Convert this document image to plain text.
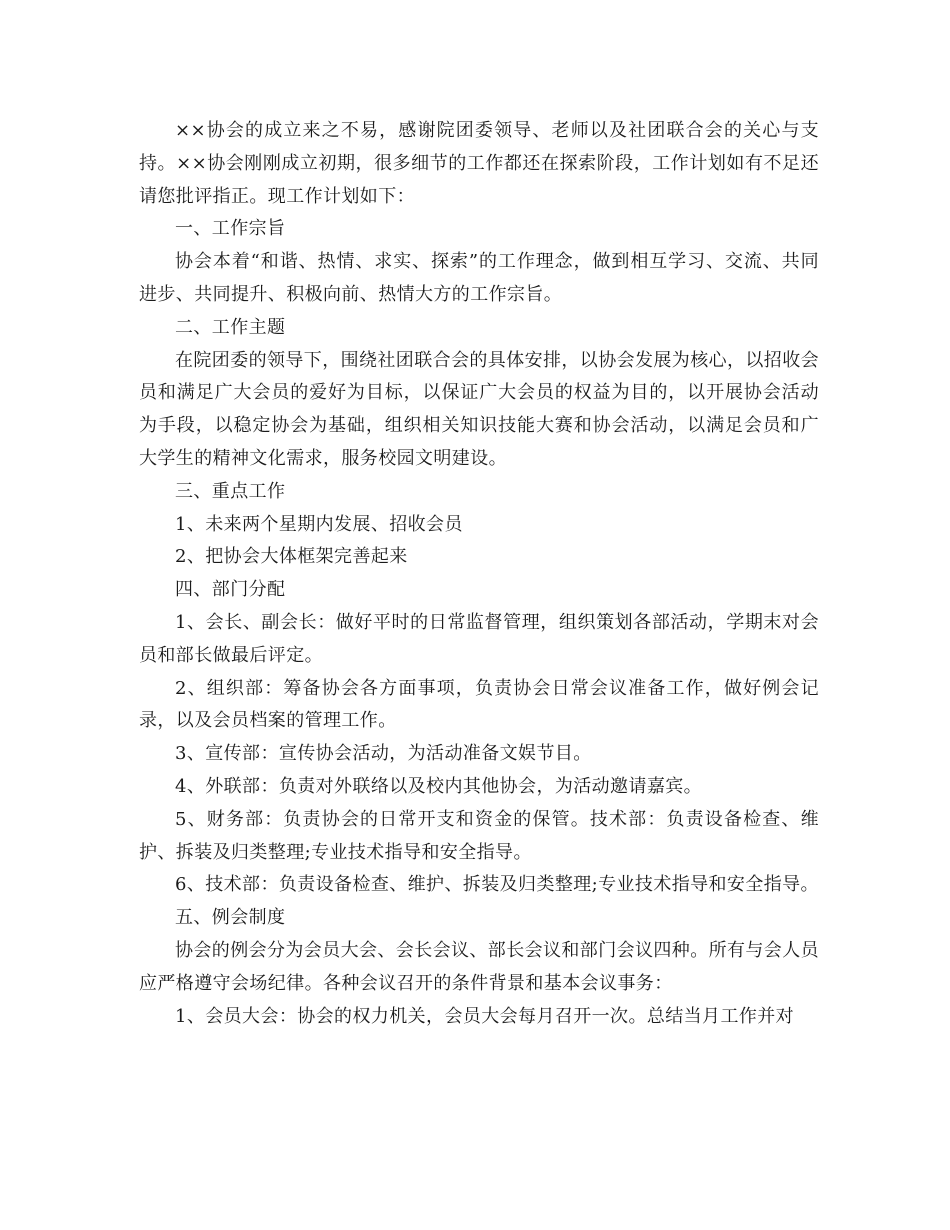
××协会的成立来之不易，感谢院团委领导、老师以及社团联合会的关心与支持。××协会刚刚成立初期，很多细节的工作都还在探索阶段，工作计划如有不足还请您批评指正。现工作计划如下：

一、工作宗旨

协会本着“和谐、热情、求实、探索”的工作理念，做到相互学习、交流、共同进步、共同提升、积极向前、热情大方的工作宗旨。

二、工作主题

在院团委的领导下，围绕社团联合会的具体安排，以协会发展为核心，以招收会员和满足广大会员的爱好为目标，以保证广大会员的权益为目的，以开展协会活动为手段，以稳定协会为基础，组织相关知识技能大赛和协会活动，以满足会员和广大学生的精神文化需求，服务校园文明建设。

三、重点工作

1、未来两个星期内发展、招收会员

2、把协会大体框架完善起来

四、部门分配

1、会长、副会长：做好平时的日常监督管理，组织策划各部活动，学期末对会员和部长做最后评定。

2、组织部：筹备协会各方面事项，负责协会日常会议准备工作，做好例会记录，以及会员档案的管理工作。

3、宣传部：宣传协会活动，为活动准备文娱节目。

4、外联部：负责对外联络以及校内其他协会，为活动邀请嘉宾。

5、财务部：负责协会的日常开支和资金的保管。技术部：负责设备检查、维护、拆装及归类整理;专业技术指导和安全指导。

6、技术部：负责设备检查、维护、拆装及归类整理;专业技术指导和安全指导。

五、例会制度

协会的例会分为会员大会、会长会议、部长会议和部门会议四种。所有与会人员应严格遵守会场纪律。各种会议召开的条件背景和基本会议事务：

1、会员大会：协会的权力机关，会员大会每月召开一次。总结当月工作并对
